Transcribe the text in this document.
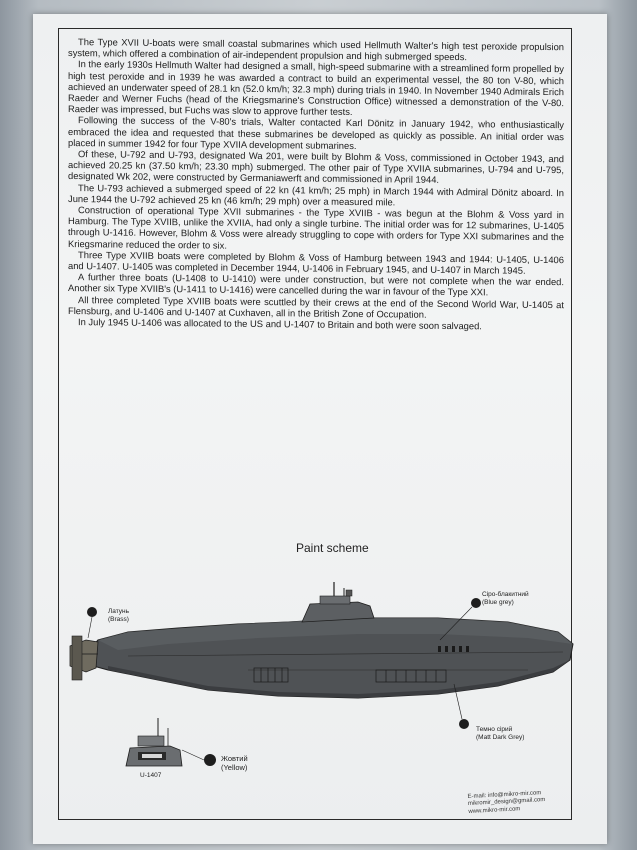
The Type XVII U-boats were small coastal submarines which used Hellmuth Walter's high test peroxide propulsion system, which offered a combination of air-independent propulsion and high submerged speeds.

In the early 1930s Hellmuth Walter had designed a small, high-speed submarine with a streamlined form propelled by high test peroxide and in 1939 he was awarded a contract to build an experimental vessel, the 80 ton V-80, which achieved an underwater speed of 28.1 kn (52.0 km/h; 32.3 mph) during trials in 1940. In November 1940 Admirals Erich Raeder and Werner Fuchs (head of the Kriegsmarine's Construction Office) witnessed a demonstration of the V-80. Raeder was impressed, but Fuchs was slow to approve further tests.

Following the success of the V-80's trials, Walter contacted Karl Dönitz in January 1942, who enthusiastically embraced the idea and requested that these submarines be developed as quickly as possible. An initial order was placed in summer 1942 for four Type XVIIA development submarines.

Of these, U-792 and U-793, designated Wa 201, were built by Blohm & Voss, commissioned in October 1943, and achieved 20.25 kn (37.50 km/h; 23.30 mph) submerged. The other pair of Type XVIIA submarines, U-794 and U-795, designated Wk 202, were constructed by Germaniawerft and commissioned in April 1944.

The U-793 achieved a submerged speed of 22 kn (41 km/h; 25 mph) in March 1944 with Admiral Dönitz aboard. In June 1944 the U-792 achieved 25 kn (46 km/h; 29 mph) over a measured mile.

Construction of operational Type XVII submarines - the Type XVIIB - was begun at the Blohm & Voss yard in Hamburg. The Type XVIIB, unlike the XVIIA, had only a single turbine. The initial order was for 12 submarines, U-1405 through U-1416. However, Blohm & Voss were already struggling to cope with orders for Type XXI submarines and the Kriegsmarine reduced the order to six.

Three Type XVIIB boats were completed by Blohm & Voss of Hamburg between 1943 and 1944: U-1405, U-1406 and U-1407. U-1405 was completed in December 1944, U-1406 in February 1945, and U-1407 in March 1945.

A further three boats (U-1408 to U-1410) were under construction, but were not complete when the war ended. Another six Type XVIIB's (U-1411 to U-1416) were cancelled during the war in favour of the Type XXI.

All three completed Type XVIIB boats were scuttled by their crews at the end of the Second World War, U-1405 at Flensburg, and U-1406 and U-1407 at Cuxhaven, all in the British Zone of Occupation.

In July 1945 U-1406 was allocated to the US and U-1407 to Britain and both were soon salvaged.

Paint scheme
Латунь
(Brass)
Сіро-блакитний
(Blue grey)
Темно сірий
(Matt Dark Grey)
Жовтий
(Yellow)
U-1407
E-mail: info@mikro-mir.com
mikromir_design@gmail.com
www.mikro-mir.com
